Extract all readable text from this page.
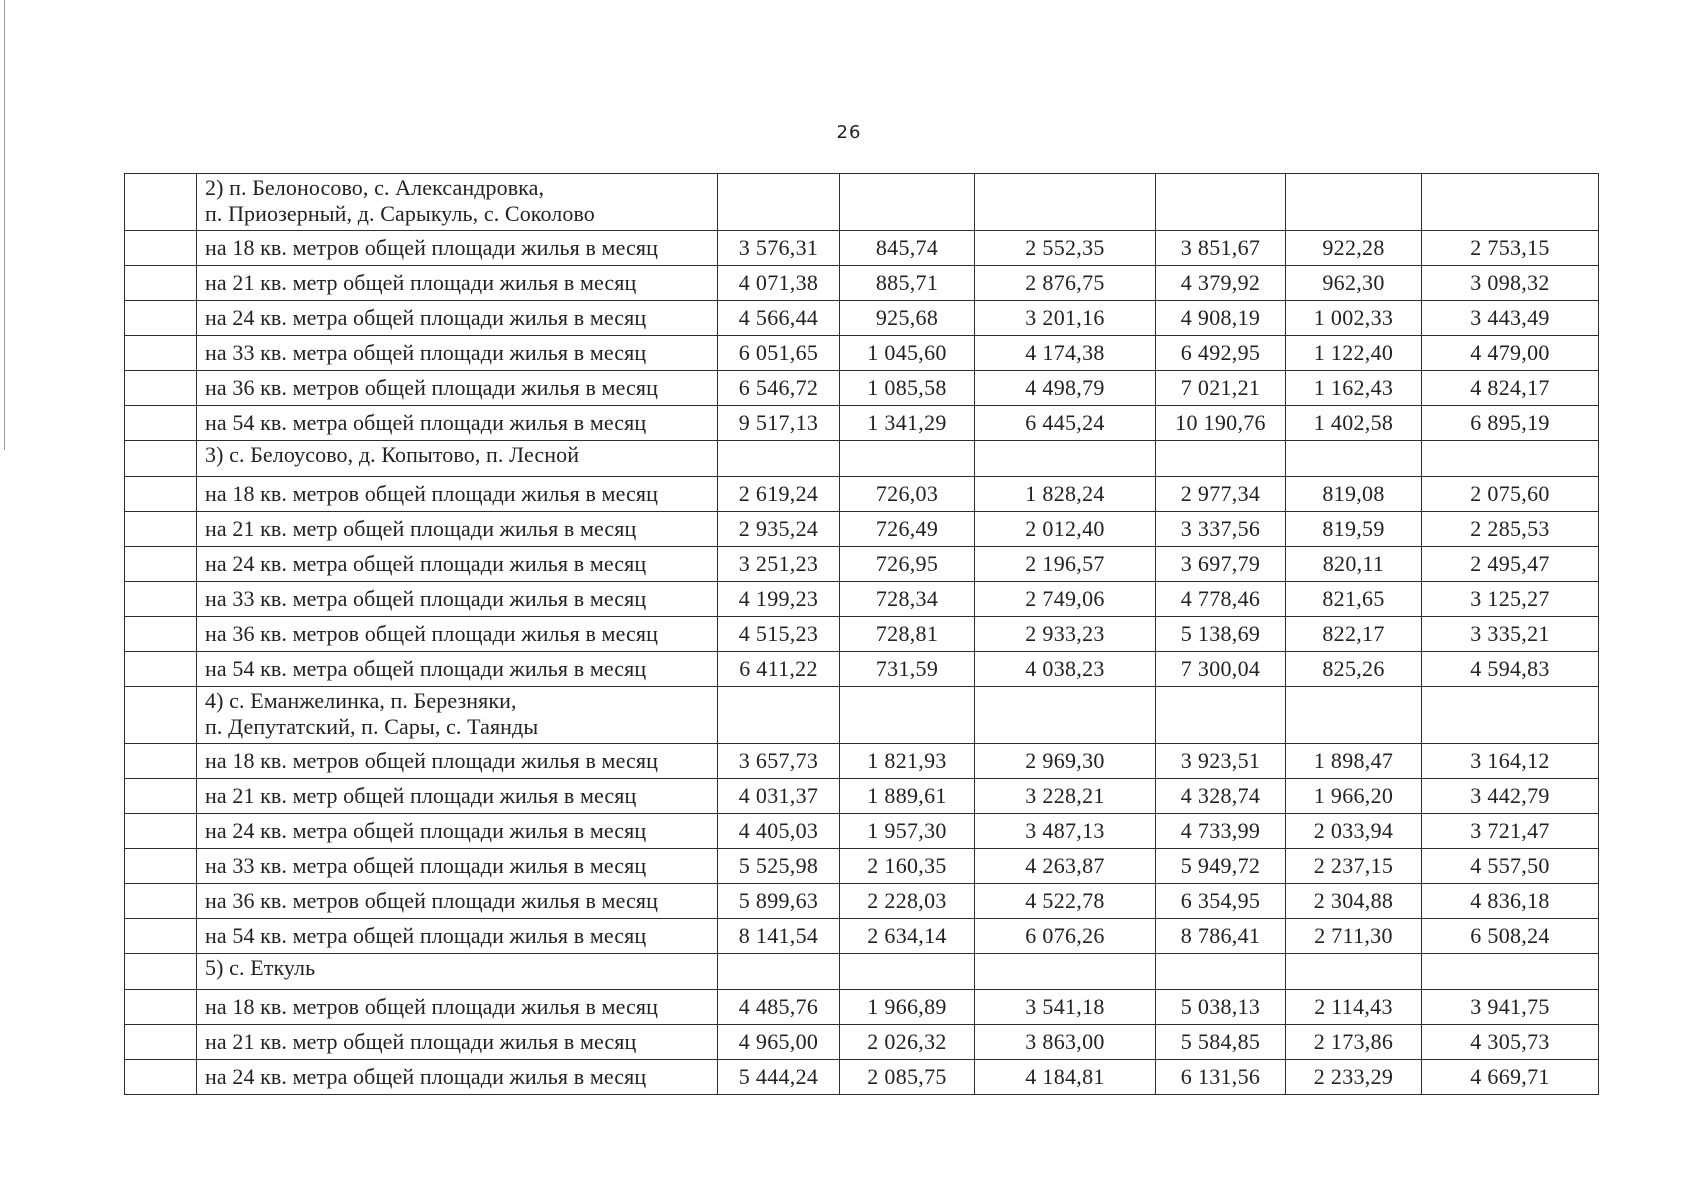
26
	2) п. Белоносово, с. Александровка,
п. Приозерный, д. Сарыкуль, с. Соколово						
	на 18 кв. метров общей площади жилья в месяц	3 576,31	845,74	2 552,35	3 851,67	922,28	2 753,15
	на 21 кв. метр общей площади жилья в месяц	4 071,38	885,71	2 876,75	4 379,92	962,30	3 098,32
	на 24 кв. метра общей площади жилья в месяц	4 566,44	925,68	3 201,16	4 908,19	1 002,33	3 443,49
	на 33 кв. метра общей площади жилья в месяц	6 051,65	1 045,60	4 174,38	6 492,95	1 122,40	4 479,00
	на 36 кв. метров общей площади жилья в месяц	6 546,72	1 085,58	4 498,79	7 021,21	1 162,43	4 824,17
	на 54 кв. метра общей площади жилья в месяц	9 517,13	1 341,29	6 445,24	10 190,76	1 402,58	6 895,19
	3) с. Белоусово, д. Копытово, п. Лесной						
	на 18 кв. метров общей площади жилья в месяц	2 619,24	726,03	1 828,24	2 977,34	819,08	2 075,60
	на 21 кв. метр общей площади жилья в месяц	2 935,24	726,49	2 012,40	3 337,56	819,59	2 285,53
	на 24 кв. метра общей площади жилья в месяц	3 251,23	726,95	2 196,57	3 697,79	820,11	2 495,47
	на 33 кв. метра общей площади жилья в месяц	4 199,23	728,34	2 749,06	4 778,46	821,65	3 125,27
	на 36 кв. метров общей площади жилья в месяц	4 515,23	728,81	2 933,23	5 138,69	822,17	3 335,21
	на 54 кв. метра общей площади жилья в месяц	6 411,22	731,59	4 038,23	7 300,04	825,26	4 594,83
	4) с. Еманжелинка, п. Березняки,
п. Депутатский, п. Сары, с. Таянды						
	на 18 кв. метров общей площади жилья в месяц	3 657,73	1 821,93	2 969,30	3 923,51	1 898,47	3 164,12
	на 21 кв. метр общей площади жилья в месяц	4 031,37	1 889,61	3 228,21	4 328,74	1 966,20	3 442,79
	на 24 кв. метра общей площади жилья в месяц	4 405,03	1 957,30	3 487,13	4 733,99	2 033,94	3 721,47
	на 33 кв. метра общей площади жилья в месяц	5 525,98	2 160,35	4 263,87	5 949,72	2 237,15	4 557,50
	на 36 кв. метров общей площади жилья в месяц	5 899,63	2 228,03	4 522,78	6 354,95	2 304,88	4 836,18
	на 54 кв. метра общей площади жилья в месяц	8 141,54	2 634,14	6 076,26	8 786,41	2 711,30	6 508,24
	5) с. Еткуль						
	на 18 кв. метров общей площади жилья в месяц	4 485,76	1 966,89	3 541,18	5 038,13	2 114,43	3 941,75
	на 21 кв. метр общей площади жилья в месяц	4 965,00	2 026,32	3 863,00	5 584,85	2 173,86	4 305,73
	на 24 кв. метра общей площади жилья в месяц	5 444,24	2 085,75	4 184,81	6 131,56	2 233,29	4 669,71
